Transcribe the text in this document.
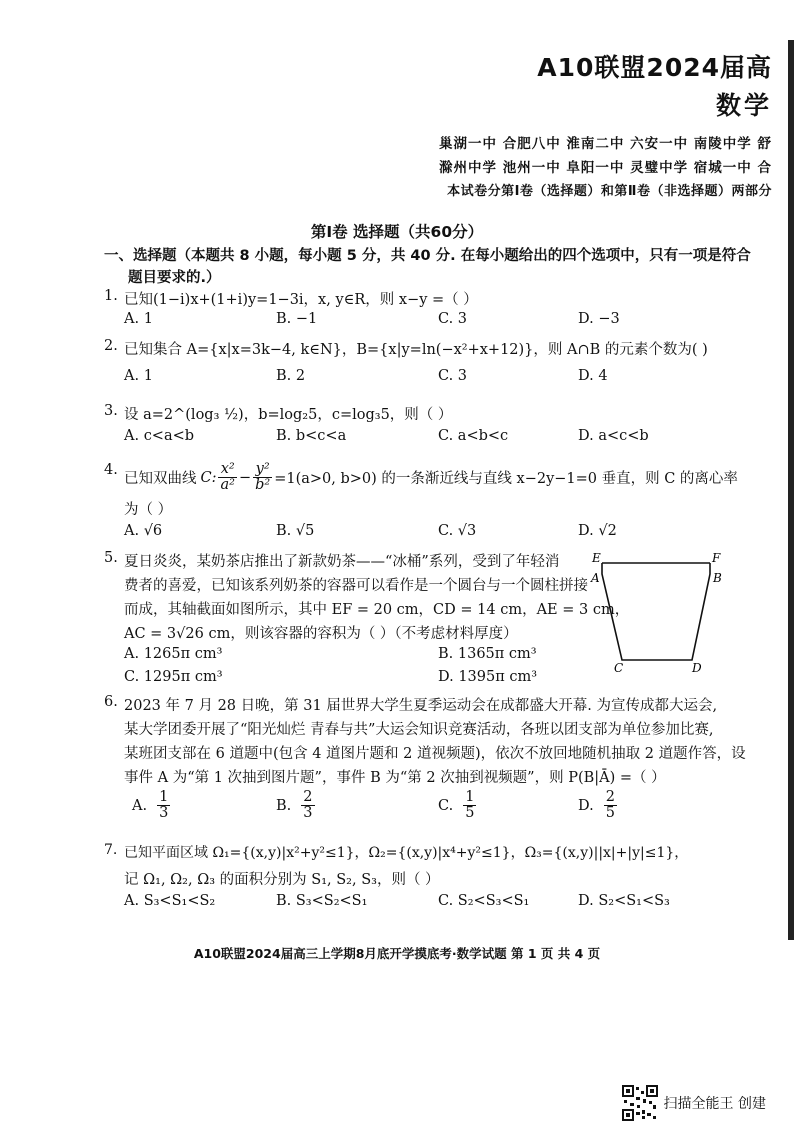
A10联盟2024届高
数学
巢湖一中 合肥八中 淮南二中 六安一中 南陵中学 舒
滁州中学 池州一中 阜阳一中 灵璧中学 宿城一中 合
本试卷分第Ⅰ卷（选择题）和第Ⅱ卷（非选择题）两部分
第Ⅰ卷 选择题（共60分）
一、选择题（本题共 8 小题，每小题 5 分，共 40 分. 在每小题给出的四个选项中，只有一项是符合
题目要求的.）
1. 已知(1−i)x+(1+i)y=1−3i，x, y∈R，则 x−y =（ ）
A. 1	B. −1	C. 3	D. −3
2. 已知集合 A={x|x=3k−4, k∈N}，B={x|y=ln(−x²+x+12)}，则 A∩B 的元素个数为( )
A. 1	B. 2	C. 3	D. 4
3. 设 a=2^(log₃ ½)，b=log₂5，c=log₃5，则（ ）
A. c<a<b	B. b<c<a	C. a<b<c	D. a<c<b
4.
已知双曲线 C: $\frac{\text{x²}}{\text{a²}} - \frac{\text{y²}}{\text{b²}} =1(a>0$, b>0) 的一条渐近线与直线 x−2y−1=0 垂直，则 C 的离心率
为（ ）
A. √6	B. √5	C. √3	D. √2
5. 夏日炎炎，某奶茶店推出了新款奶茶——“冰桶”系列，受到了年轻消
费者的喜爱，已知该系列奶茶的容器可以看作是一个圆台与一个圆柱拼接
而成，其轴截面如图所示，其中 EF = 20 cm，CD = 14 cm，AE = 3 cm，
AC = 3√26 cm，则该容器的容积为（ ）（不考虑材料厚度）
A. 1265π cm³	B. 1365π cm³
C. 1295π cm³	D. 1395π cm³
E	F
A	B
C	D
6. 2023 年 7 月 28 日晚，第 31 届世界大学生夏季运动会在成都盛大开幕. 为宣传成都大运会,
某大学团委开展了“阳光灿烂 青春与共”大运会知识竞赛活动，各班以团支部为单位参加比赛,
某班团支部在 6 道题中(包含 4 道图片题和 2 道视频题)，依次不放回地随机抽取 2 道题作答，设
事件 A 为“第 1 次抽到图片题”，事件 B 为“第 2 次抽到视频题”，则 P(B|Ā) =（ ）
A. $\frac{1}{3}$	B. $\frac{2}{3}$	C. $\frac{1}{5}$	D. $\frac{2}{5}$
7. 已知平面区域 Ω₁={(x,y)|x²+y²≤1}，Ω₂={(x,y)|x⁴+y²≤1}，Ω₃={(x,y)||x|+|y|≤1}，
记 Ω₁, Ω₂, Ω₃ 的面积分别为 S₁, S₂, S₃，则（ ）
A. S₃<S₁<S₂	B. S₃<S₂<S₁	C. S₂<S₃<S₁	D. S₂<S₁<S₃
A10联盟2024届高三上学期8月底开学摸底考·数学试题 第 1 页 共 4 页
扫描全能王 创建
